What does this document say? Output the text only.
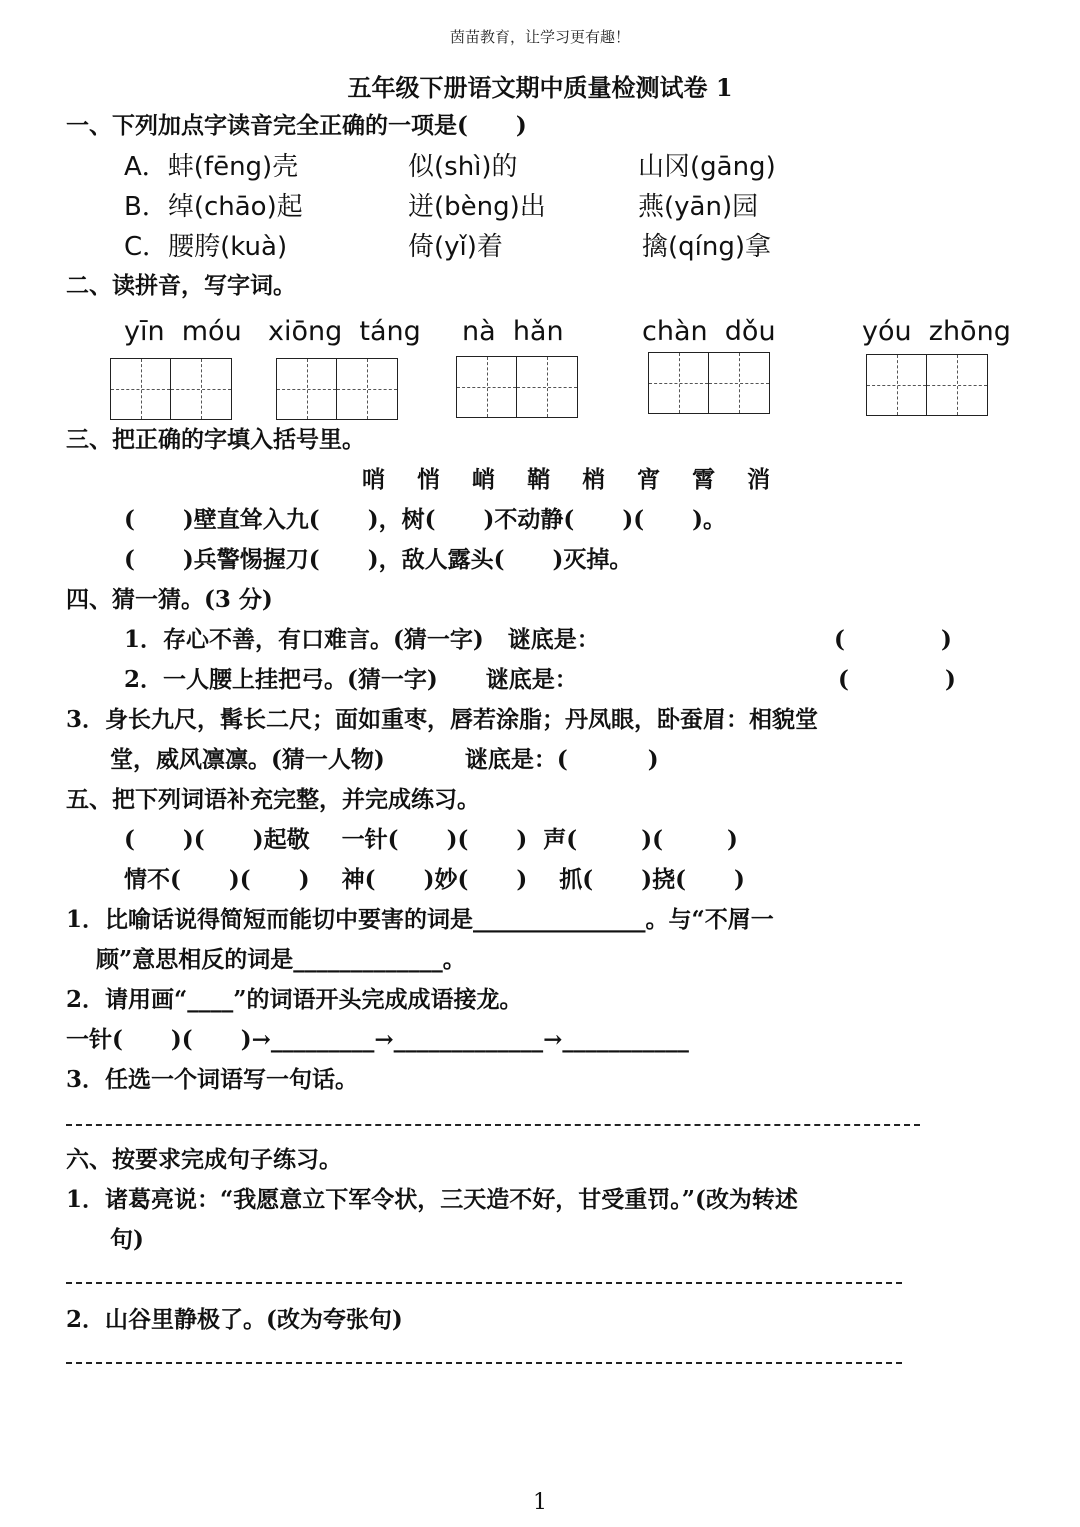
茵苗教育，让学习更有趣！
五年级下册语文期中质量检测试卷 1
一、下列加点字读音完全正确的一项是(      )
A．蚌(fēng)壳	似(shì)的	山冈(gāng)
B．绰(chāo)起	迸(bèng)出	燕(yān)园
C．腰胯(kuà)	倚(yǐ)着	擒(qíng)拿
二、读拼音，写字词。
yīn  móu xiōng  táng nà  hǎn	chàn  dǒu	yóu  zhōng
三、把正确的字填入括号里。
哨   悄   峭   鞘   梢   宵   霄   消
(      )壁直耸入九(      )，树(      )不动静(      )(      )。
(      )兵警惕握刀(      )，敌人露头(      )灭掉。
四、猜一猜。(3 分)
1．存心不善，有口难言。(猜一字)   谜底是：	(            )
2．一人腰上挂把弓。(猜一字)      谜底是：	(            )
3．身长九尺，髯长二尺；面如重枣，唇若涂脂；丹凤眼，卧蚕眉：相貌堂
堂，威风凛凛。(猜一人物)          谜底是：(          )
五、把下列词语补充完整，并完成练习。
(      )(      )起敬    一针(      )(      )  声(        )(        )
情不(      )(      )    神(      )妙(      )    抓(      )挠(      )
1．比喻话说得简短而能切中要害的词是_______________。与“不屑一
顾”意思相反的词是_____________。
2．请用画“____”的词语开头完成成语接龙。
一针(      )(      )→_________→_____________→___________
3．任选一个词语写一句话。
六、按要求完成句子练习。
1．诸葛亮说：“我愿意立下军令状，三天造不好，甘受重罚。”(改为转述
句)
2．山谷里静极了。(改为夸张句)
1
